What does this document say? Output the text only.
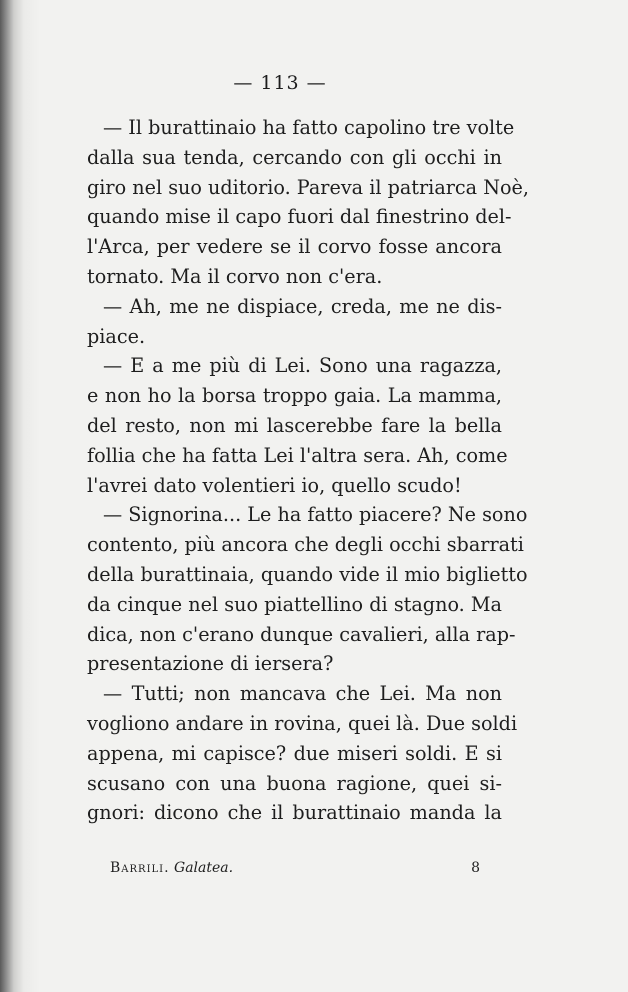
— 113 —
— Il burattinaio ha fatto capolino tre volte
dalla sua tenda, cercando con gli occhi in
giro nel suo uditorio. Pareva il patriarca Noè,
quando mise il capo fuori dal finestrino del-
l'Arca, per vedere se il corvo fosse ancora
tornato. Ma il corvo non c'era.
— Ah, me ne dispiace, creda, me ne dis-
piace.
— E a me più di Lei. Sono una ragazza,
e non ho la borsa troppo gaia. La mamma,
del resto, non mi lascerebbe fare la bella
follia che ha fatta Lei l'altra sera. Ah, come
l'avrei dato volentieri io, quello scudo!
— Signorina... Le ha fatto piacere? Ne sono
contento, più ancora che degli occhi sbarrati
della burattinaia, quando vide il mio biglietto
da cinque nel suo piattellino di stagno. Ma
dica, non c'erano dunque cavalieri, alla rap-
presentazione di iersera?
— Tutti; non mancava che Lei. Ma non
vogliono andare in rovina, quei là. Due soldi
appena, mi capisce? due miseri soldi. E si
scusano con una buona ragione, quei si-
gnori: dicono che il burattinaio manda la
Barrili. Galatea.	8
